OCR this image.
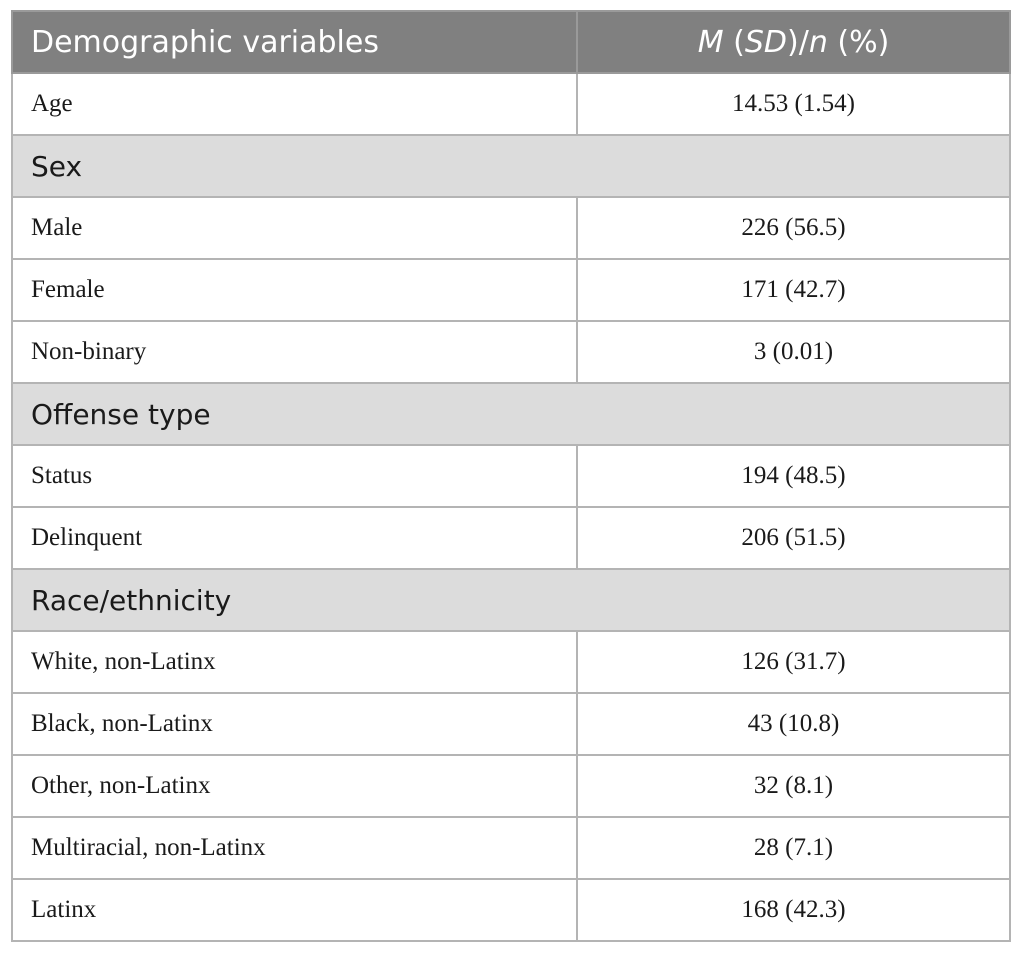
Demographic variables	M (SD)/n (%)
Age	14.53 (1.54)
Sex	
Male	226 (56.5)
Female	171 (42.7)
Non-binary	3 (0.01)
Offense type	
Status	194 (48.5)
Delinquent	206 (51.5)
Race/ethnicity	
White, non-Latinx	126 (31.7)
Black, non-Latinx	43 (10.8)
Other, non-Latinx	32 (8.1)
Multiracial, non-Latinx	28 (7.1)
Latinx	168 (42.3)
